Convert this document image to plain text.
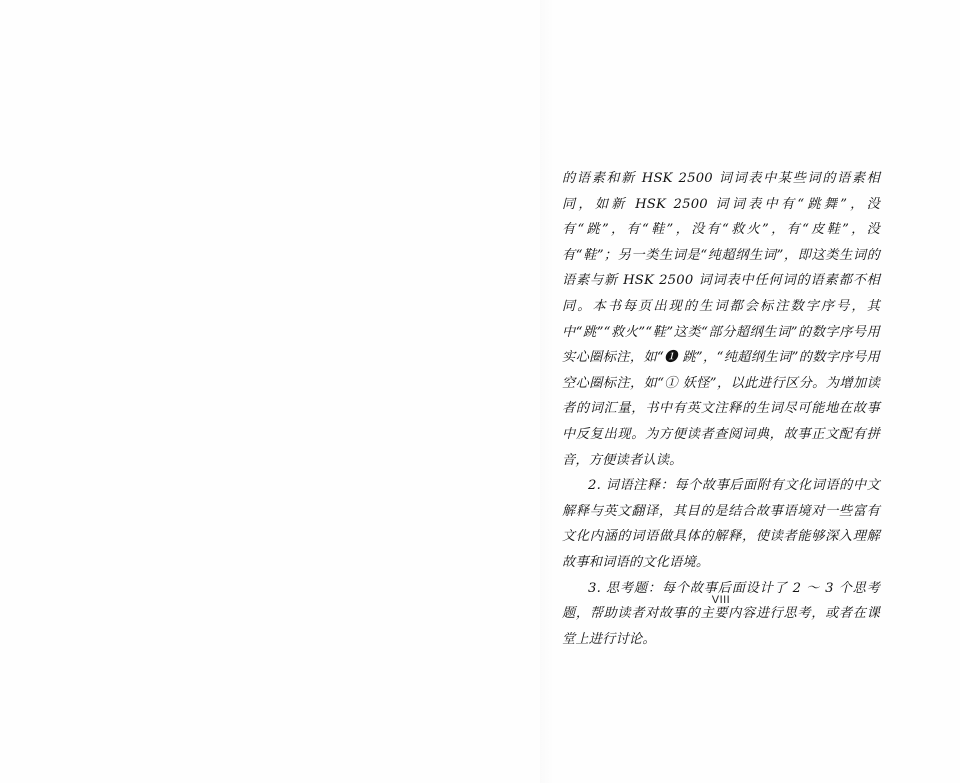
的语素和新 HSK 2500 词词表中某些词的语素相同，如新 HSK 2500 词词表中有“跳舞”，没有“跳”，有“鞋”，没有“救火”，有“皮鞋”，没有“鞋”；另一类生词是“纯超纲生词”，即这类生词的语素与新 HSK 2500 词词表中任何词的语素都不相同。本书每页出现的生词都会标注数字序号，其中“跳”“救火”“鞋”这类“部分超纲生词”的数字序号用实心圈标注，如“❶ 跳”，“纯超纲生词”的数字序号用空心圈标注，如“① 妖怪”，以此进行区分。为增加读者的词汇量，书中有英文注释的生词尽可能地在故事中反复出现。为方便读者查阅词典，故事正文配有拼音，方便读者认读。

2. 词语注释：每个故事后面附有文化词语的中文解释与英文翻译，其目的是结合故事语境对一些富有文化内涵的词语做具体的解释，使读者能够深入理解故事和词语的文化语境。

3. 思考题：每个故事后面设计了 2 ～ 3 个思考题，帮助读者对故事的主要内容进行思考，或者在课堂上进行讨论。

VIII
